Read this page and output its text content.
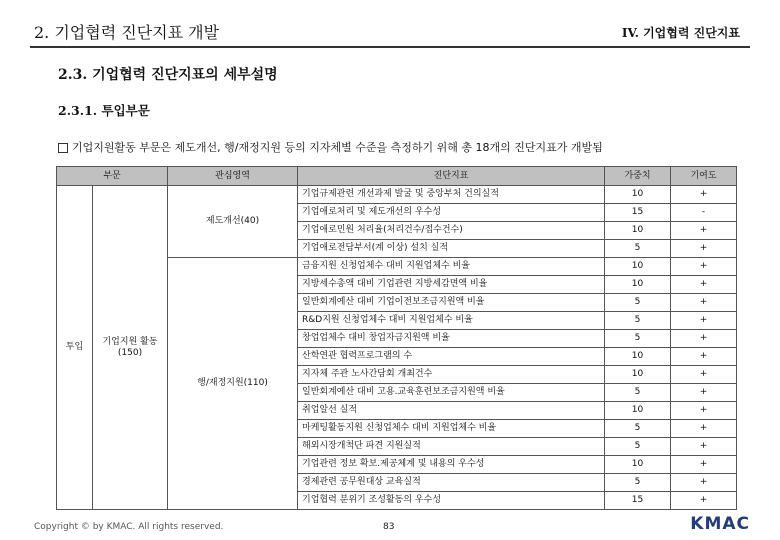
2. 기업협력 진단지표 개발	IV. 기업협력 진단지표
2.3. 기업협력 진단지표의 세부설명
2.3.1. 투입부문
기업지원활동 부문은 제도개선, 행/재정지원 등의 지자체별 수준을 측정하기 위해 총 18개의 진단지표가 개발됨
부문		관심영역	진단지표	가중치	기여도
투입	기업지원 활동(150)	제도개선(40)	기업규제관련 개선과제 발굴 및 중앙부처 건의실적	10	+
			기업애로처리 및 제도개선의 우수성	15	-
			기업애로민원 처리율(처리건수/접수건수)	10	+
			기업애로전담부서(계 이상) 설치 실적	5	+
		행/재정지원(110)	금융지원 신청업체수 대비 지원업체수 비율	10	+
			지방세수총액 대비 기업관련 지방세감면액 비율	10	+
			일반회계예산 대비 기업이전보조금지원액 비율	5	+
			R&D지원 신청업체수 대비 지원업체수 비율	5	+
			창업업체수 대비 창업자금지원액 비율	5	+
			산학연관 협력프로그램의 수	10	+
			지자체 주관 노사간담회 개최건수	10	+
			일반회계예산 대비 고용.교육훈련보조금지원액 비율	5	+
			취업알선 실적	10	+
			마케팅활동지원 신청업체수 대비 지원업체수 비율	5	+
			해외시장개척단 파견 지원실적	5	+
			기업관련 정보 확보.제공체계 및 내용의 우수성	10	+
			경제관련 공무원대상 교육실적	5	+
			기업협력 분위기 조성활동의 우수성	15	+
Copyright © by KMAC. All rights reserved.	83	KMAC
